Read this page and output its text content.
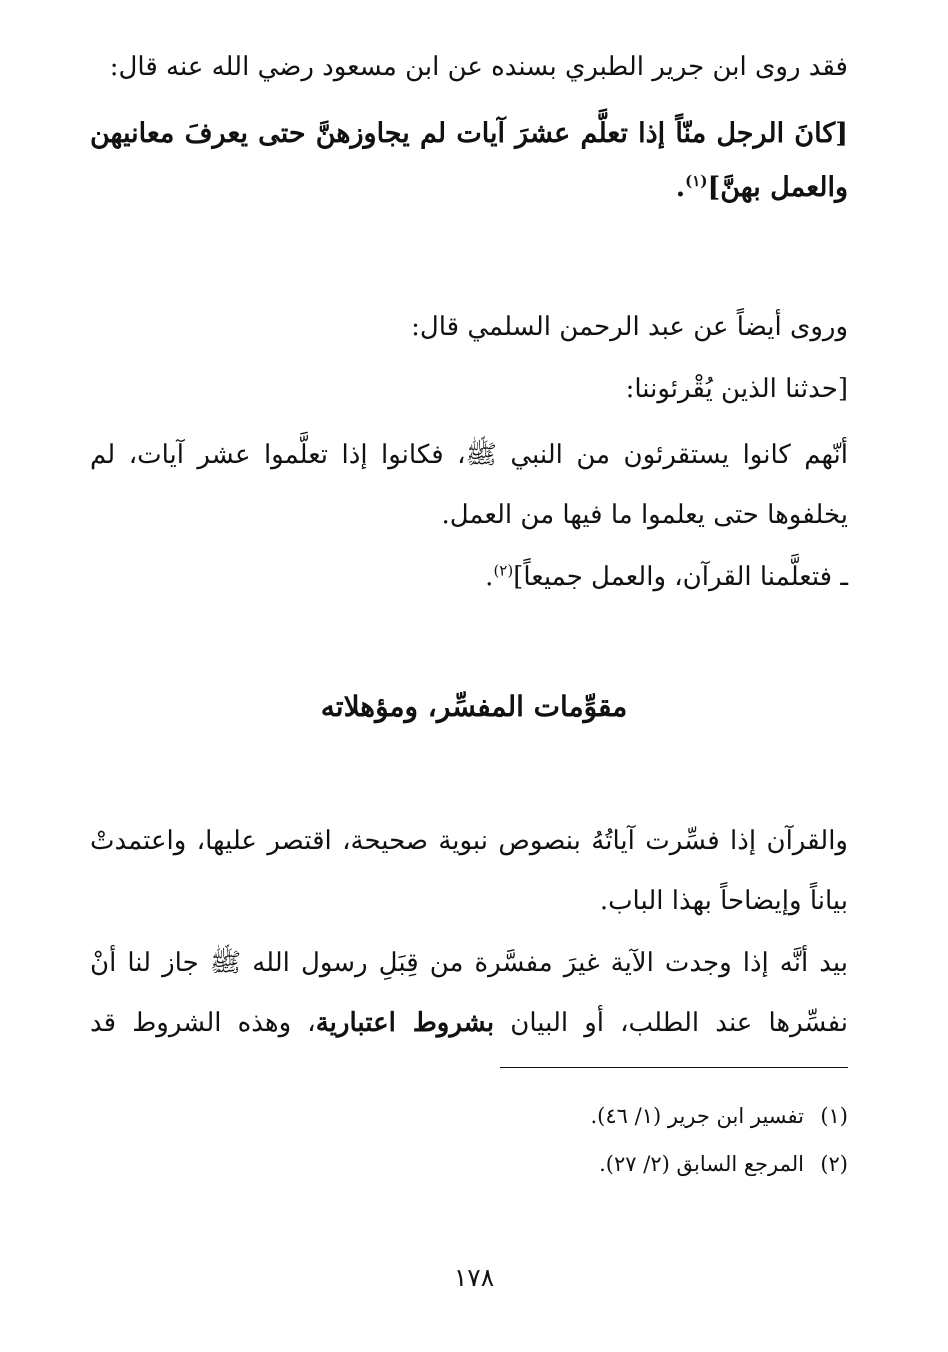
فقد روى ابن جرير الطبري بسنده عن ابن مسعود رضي الله عنه قال:
[كانَ الرجل منّاً إذا تعلَّم عشرَ آيات لم يجاوزهنَّ حتى يعرفَ معانيهن
والعمل بهنَّ]$^{(١)}$.
وروى أيضاً عن عبد الرحمن السلمي قال:
[حدثنا الذين يُقْرئوننا:
أنّهم كانوا يستقرئون من النبي ﷺ، فكانوا إذا تعلَّموا عشر آيات، لم
يخلفوها حتى يعلموا ما فيها من العمل.
ـ فتعلَّمنا القرآن، والعمل جميعاً]$^{(٢)}$.
مقوِّمات المفسِّر، ومؤهلاته
والقرآن إذا فسِّرت آياتُهُ بنصوص نبوية صحيحة، اقتصر عليها، واعتمدتْ
بياناً وإيضاحاً بهذا الباب.
بيد أنَّه إذا وجدت الآية غيرَ مفسَّرة من قِبَلِ رسول الله ﷺ جاز لنا أنْ
نفسِّرها عند الطلب، أو البيان بشروط اعتبارية، وهذه الشروط قد
(١)تفسير ابن جرير (١/ ٤٦).
(٢)المرجع السابق (٢/ ٢٧).
١٧٨
